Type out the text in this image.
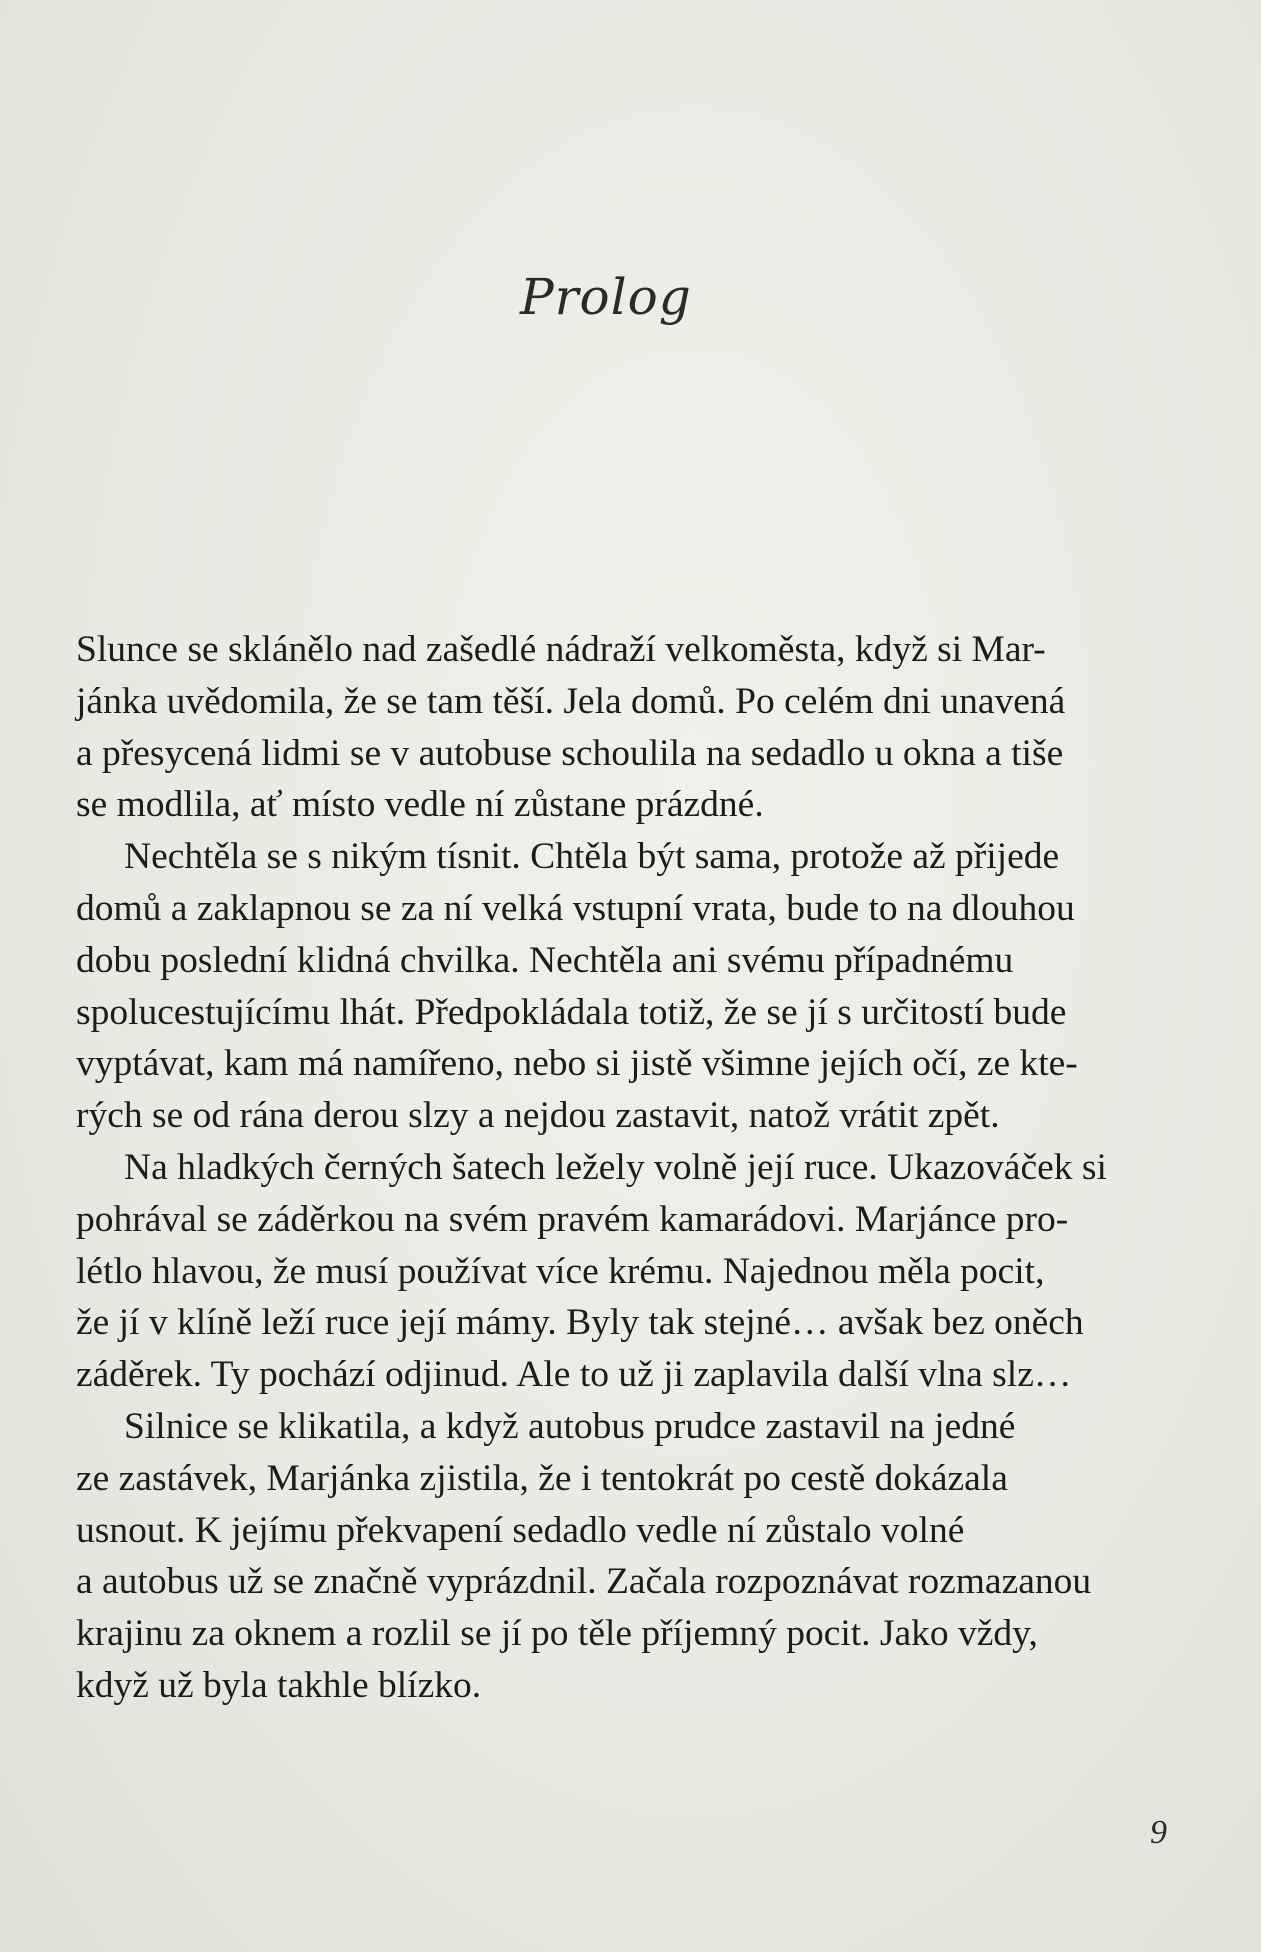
Prolog
Slunce se sklánělo nad zašedlé nádraží velkoměsta, když si Mar-
jánka uvědomila, že se tam těší. Jela domů. Po celém dni unavená
a přesycená lidmi se v autobuse schoulila na sedadlo u okna a tiše
se modlila, ať místo vedle ní zůstane prázdné.
Nechtěla se s nikým tísnit. Chtěla být sama, protože až přijede
domů a zaklapnou se za ní velká vstupní vrata, bude to na dlouhou
dobu poslední klidná chvilka. Nechtěla ani svému případnému
spolucestujícímu lhát. Předpokládala totiž, že se jí s určitostí bude
vyptávat, kam má namířeno, nebo si jistě všimne jejích očí, ze kte-
rých se od rána derou slzy a nejdou zastavit, natož vrátit zpět.
Na hladkých černých šatech ležely volně její ruce. Ukazováček si
pohrával se záděrkou na svém pravém kamarádovi. Marjánce pro-
létlo hlavou, že musí používat více krému. Najednou měla pocit,
že jí v klíně leží ruce její mámy. Byly tak stejné… avšak bez oněch
záděrek. Ty pochází odjinud. Ale to už ji zaplavila další vlna slz…
Silnice se klikatila, a když autobus prudce zastavil na jedné
ze zastávek, Marjánka zjistila, že i tentokrát po cestě dokázala
usnout. K jejímu překvapení sedadlo vedle ní zůstalo volné
a autobus už se značně vyprázdnil. Začala rozpoznávat rozmazanou
krajinu za oknem a rozlil se jí po těle příjemný pocit. Jako vždy,
když už byla takhle blízko.
9
